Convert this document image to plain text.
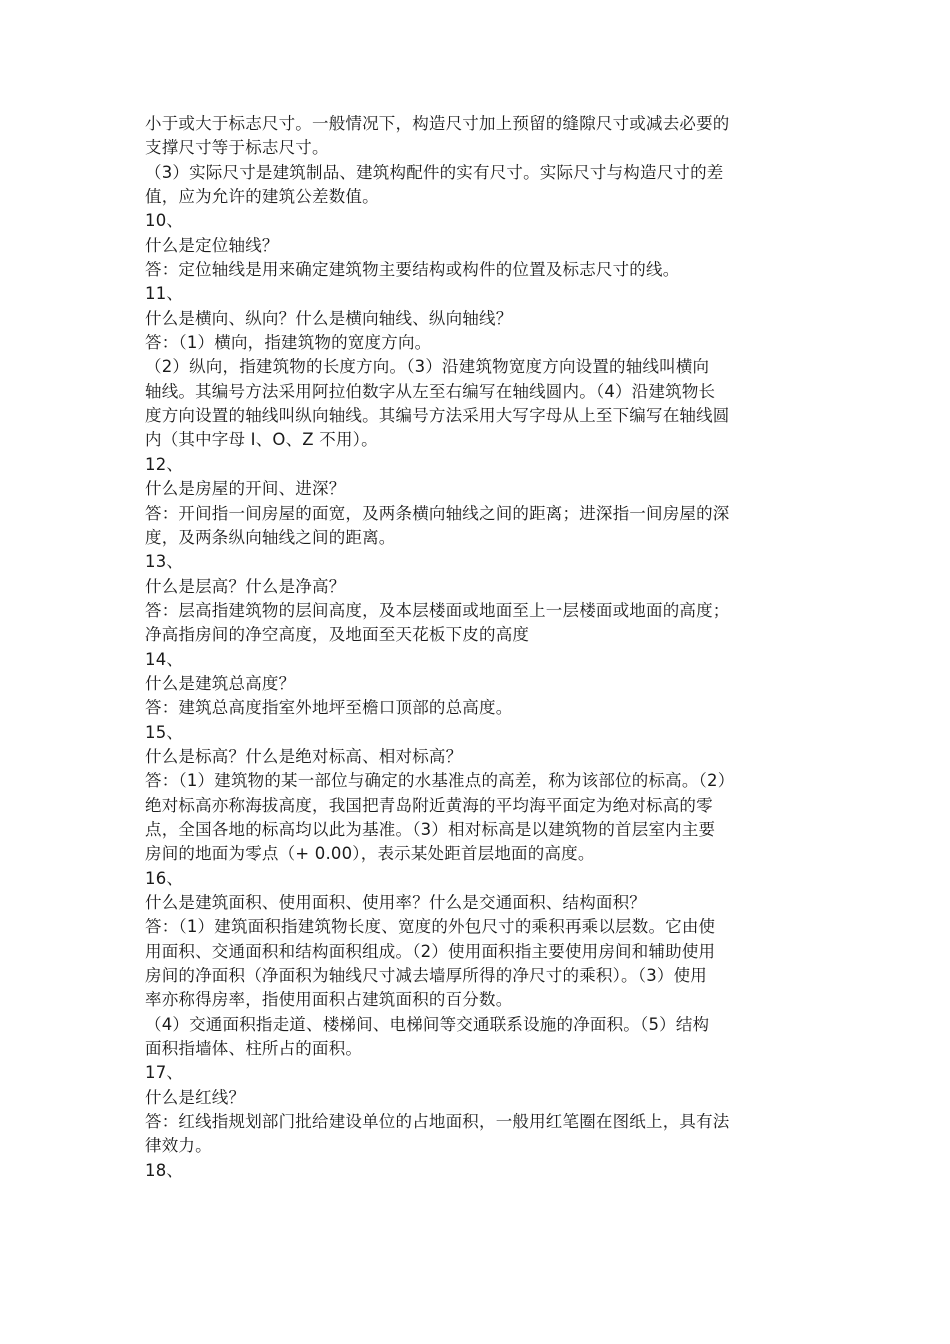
小于或大于标志尺寸。一般情况下，构造尺寸加上预留的缝隙尺寸或减去必要的
支撑尺寸等于标志尺寸。
（3）实际尺寸是建筑制品、建筑构配件的实有尺寸。实际尺寸与构造尺寸的差
值，应为允许的建筑公差数值。
10、
什么是定位轴线？
答：定位轴线是用来确定建筑物主要结构或构件的位置及标志尺寸的线。
11、
什么是横向、纵向？什么是横向轴线、纵向轴线？
答：（1）横向，指建筑物的宽度方向。
（2）纵向，指建筑物的长度方向。（3）沿建筑物宽度方向设置的轴线叫横向
轴线。其编号方法采用阿拉伯数字从左至右编写在轴线圆内。（4）沿建筑物长
度方向设置的轴线叫纵向轴线。其编号方法采用大写字母从上至下编写在轴线圆
内（其中字母 I、O、Z 不用）。
12、
什么是房屋的开间、进深？
答：开间指一间房屋的面宽，及两条横向轴线之间的距离；进深指一间房屋的深
度，及两条纵向轴线之间的距离。
13、
什么是层高？什么是净高？
答：层高指建筑物的层间高度，及本层楼面或地面至上一层楼面或地面的高度；
净高指房间的净空高度，及地面至天花板下皮的高度
14、
什么是建筑总高度？
答：建筑总高度指室外地坪至檐口顶部的总高度。
15、
什么是标高？什么是绝对标高、相对标高？
答：（1）建筑物的某一部位与确定的水基准点的高差，称为该部位的标高。（2）
绝对标高亦称海拔高度，我国把青岛附近黄海的平均海平面定为绝对标高的零
点，全国各地的标高均以此为基准。（3）相对标高是以建筑物的首层室内主要
房间的地面为零点（+ 0.00），表示某处距首层地面的高度。
16、
什么是建筑面积、使用面积、使用率？什么是交通面积、结构面积？
答：（1）建筑面积指建筑物长度、宽度的外包尺寸的乘积再乘以层数。它由使
用面积、交通面积和结构面积组成。（2）使用面积指主要使用房间和辅助使用
房间的净面积（净面积为轴线尺寸减去墙厚所得的净尺寸的乘积）。（3）使用
率亦称得房率，指使用面积占建筑面积的百分数。
（4）交通面积指走道、楼梯间、电梯间等交通联系设施的净面积。（5）结构
面积指墙体、柱所占的面积。
17、
什么是红线？
答：红线指规划部门批给建设单位的占地面积，一般用红笔圈在图纸上，具有法
律效力。
18、
